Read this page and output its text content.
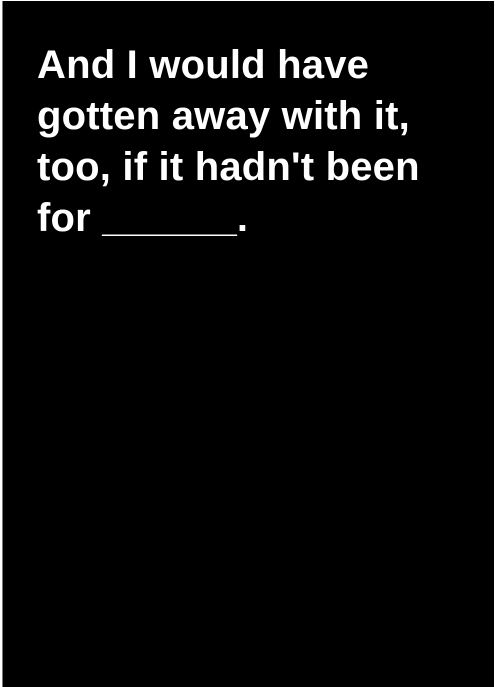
And I would have
gotten away with it,
too, if it hadn't been
for ______.
